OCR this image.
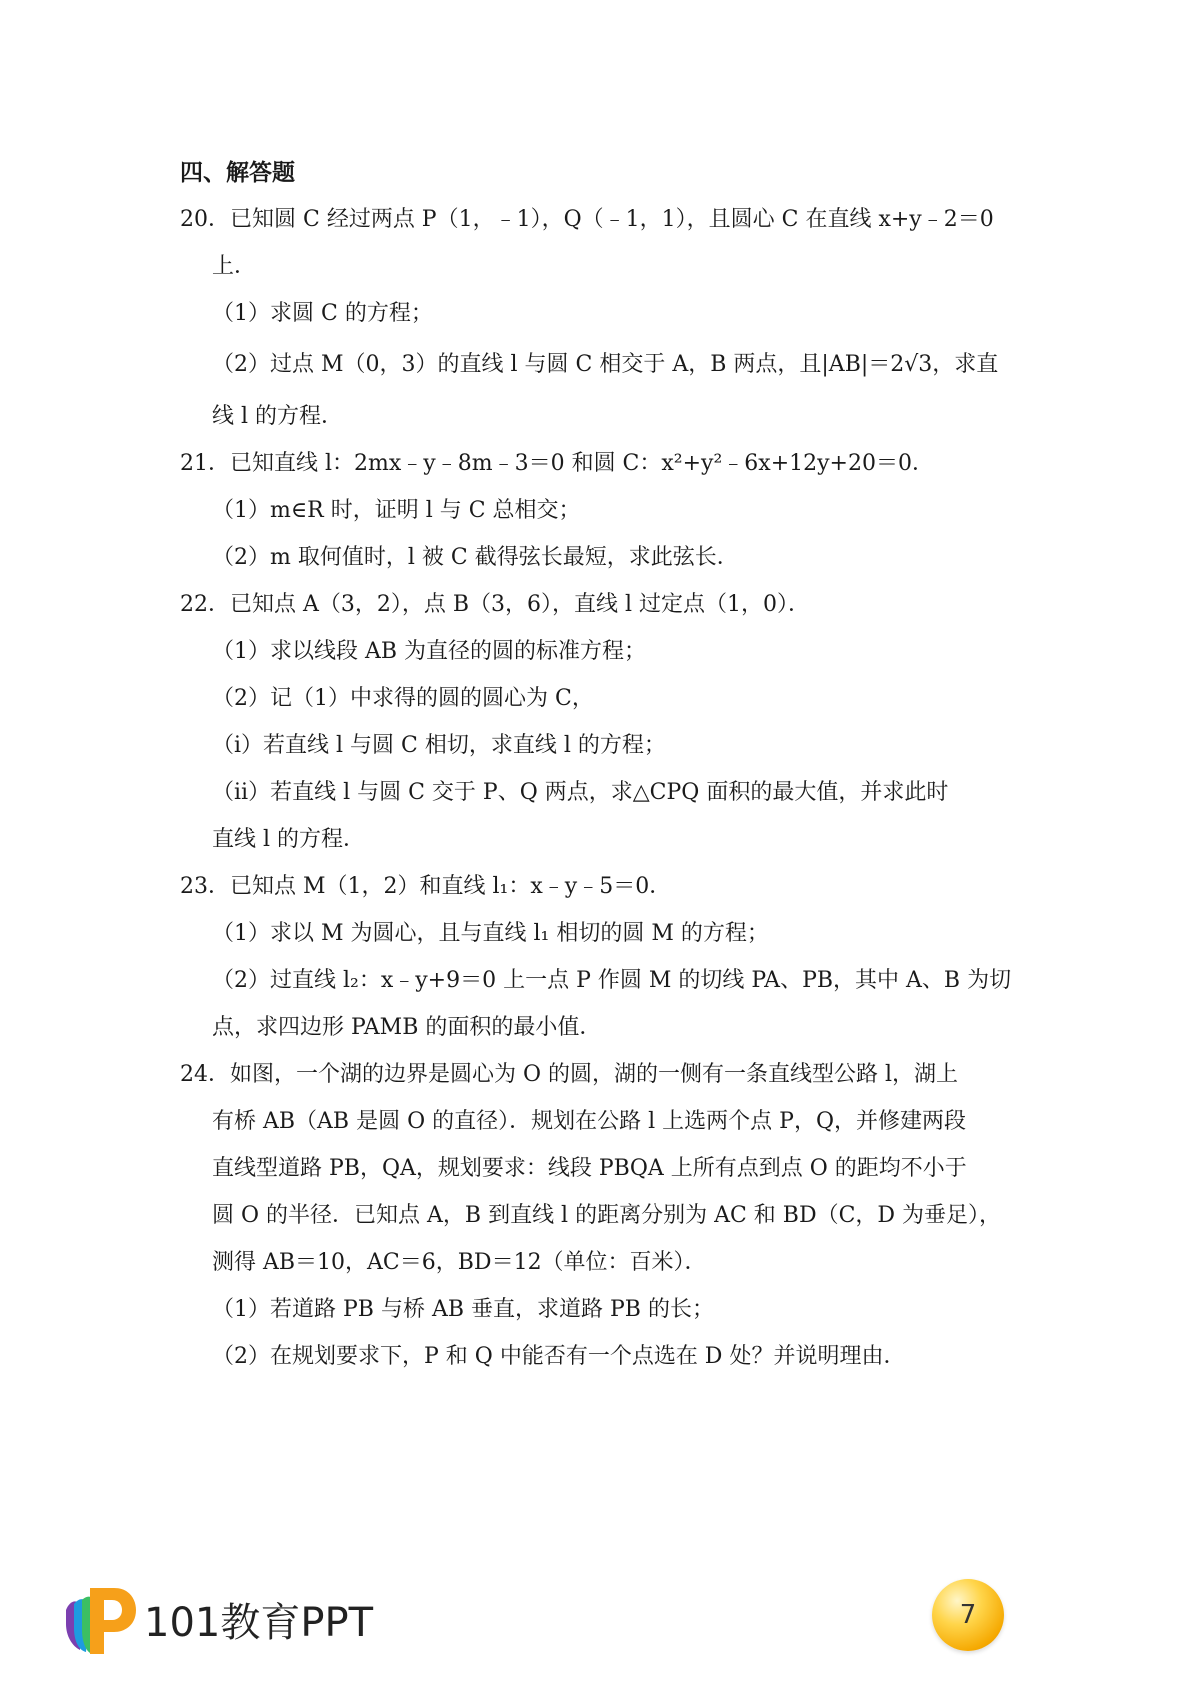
四、解答题

20．已知圆 C 经过两点 P（1，﹣1），Q（﹣1，1），且圆心 C 在直线 x+y﹣2＝0

上．

（1）求圆 C 的方程；

（2）过点 M（0，3）的直线 l 与圆 C 相交于 A，B 两点，且|AB|＝2√3，求直

线 l 的方程．

21．已知直线 l：2mx﹣y﹣8m﹣3＝0 和圆 C：x²+y²﹣6x+12y+20＝0．

（1）m∈R 时，证明 l 与 C 总相交；

（2）m 取何值时，l 被 C 截得弦长最短，求此弦长．

22．已知点 A（3，2），点 B（3，6），直线 l 过定点（1，0）．

（1）求以线段 AB 为直径的圆的标准方程；

（2）记（1）中求得的圆的圆心为 C，

（ⅰ）若直线 l 与圆 C 相切，求直线 l 的方程；

（ⅱ）若直线 l 与圆 C 交于 P、Q 两点，求△CPQ 面积的最大值，并求此时

直线 l 的方程．

23．已知点 M（1，2）和直线 l₁：x﹣y﹣5＝0．

（1）求以 M 为圆心，且与直线 l₁ 相切的圆 M 的方程；

（2）过直线 l₂：x﹣y+9＝0 上一点 P 作圆 M 的切线 PA、PB，其中 A、B 为切

点，求四边形 PAMB 的面积的最小值．

24．如图，一个湖的边界是圆心为 O 的圆，湖的一侧有一条直线型公路 l，湖上

有桥 AB（AB 是圆 O 的直径）．规划在公路 l 上选两个点 P，Q，并修建两段

直线型道路 PB，QA，规划要求：线段 PBQA 上所有点到点 O 的距均不小于

圆 O 的半径．已知点 A，B 到直线 l 的距离分别为 AC 和 BD（C，D 为垂足），

测得 AB＝10，AC＝6，BD＝12（单位：百米）．

（1）若道路 PB 与桥 AB 垂直，求道路 PB 的长；

（2）在规划要求下，P 和 Q 中能否有一个点选在 D 处？并说明理由．

101教育PPT	7
